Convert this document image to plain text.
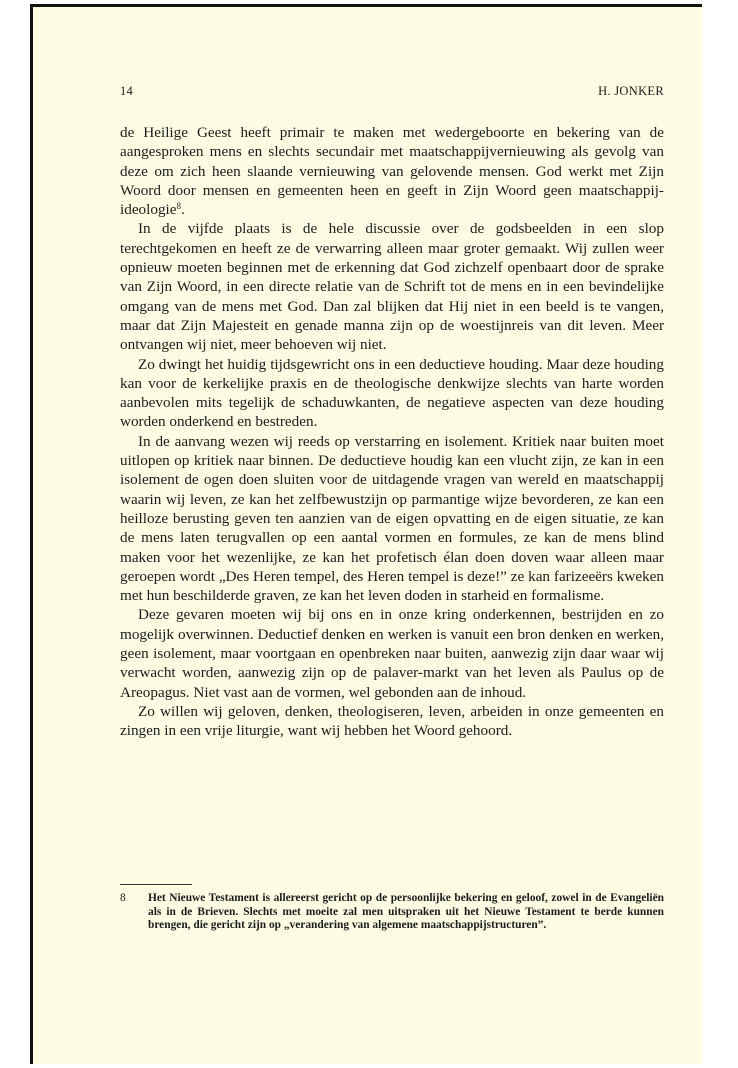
14	H. JONKER

de Heilige Geest heeft primair te maken met wedergeboorte en bekering van de aangesproken mens en slechts secundair met maatschappijvernieuwing als gevolg van deze om zich heen slaande vernieuwing van gelovende mensen. God werkt met Zijn Woord door mensen en gemeenten heen en geeft in Zijn Woord geen maatschappij-ideologie$^8$.

In de vijfde plaats is de hele discussie over de godsbeelden in een slop terechtgekomen en heeft ze de verwarring alleen maar groter gemaakt. Wij zullen weer opnieuw moeten beginnen met de erkenning dat God zichzelf openbaart door de sprake van Zijn Woord, in een directe relatie van de Schrift tot de mens en in een bevindelijke omgang van de mens met God. Dan zal blijken dat Hij niet in een beeld is te vangen, maar dat Zijn Majesteit en genade manna zijn op de woestijnreis van dit leven. Meer ontvangen wij niet, meer behoeven wij niet.

Zo dwingt het huidig tijdsgewricht ons in een deductieve houding. Maar deze houding kan voor de kerkelijke praxis en de theologische denkwijze slechts van harte worden aanbevolen mits tegelijk de schaduwkanten, de negatieve aspecten van deze houding worden onderkend en bestreden.

In de aanvang wezen wij reeds op verstarring en isolement. Kritiek naar buiten moet uitlopen op kritiek naar binnen. De deductieve houdig kan een vlucht zijn, ze kan in een isolement de ogen doen sluiten voor de uitdagende vragen van wereld en maatschappij waarin wij leven, ze kan het zelfbewustzijn op parmantige wijze bevorderen, ze kan een heilloze berusting geven ten aanzien van de eigen opvatting en de eigen situatie, ze kan de mens laten terugvallen op een aantal vormen en formules, ze kan de mens blind maken voor het wezenlijke, ze kan het profetisch élan doen doven waar alleen maar geroepen wordt „Des Heren tempel, des Heren tempel is deze!” ze kan farizeeërs kweken met hun beschilderde graven, ze kan het leven doden in starheid en formalisme.

Deze gevaren moeten wij bij ons en in onze kring onderkennen, bestrijden en zo mogelijk overwinnen. Deductief denken en werken is vanuit een bron denken en werken, geen isolement, maar voortgaan en openbreken naar buiten, aanwezig zijn daar waar wij verwacht worden, aanwezig zijn op de palaver-markt van het leven als Paulus op de Areopagus. Niet vast aan de vormen, wel gebonden aan de inhoud.

Zo willen wij geloven, denken, theologiseren, leven, arbeiden in onze gemeenten en zingen in een vrije liturgie, want wij hebben het Woord gehoord.

8	Het Nieuwe Testament is allereerst gericht op de persoonlijke bekering en geloof, zowel in de Evangeliën als in de Brieven. Slechts met moeite zal men uitspraken uit het Nieuwe Testament te berde kunnen brengen, die gericht zijn op „verandering van algemene maatschappijstructuren”.
